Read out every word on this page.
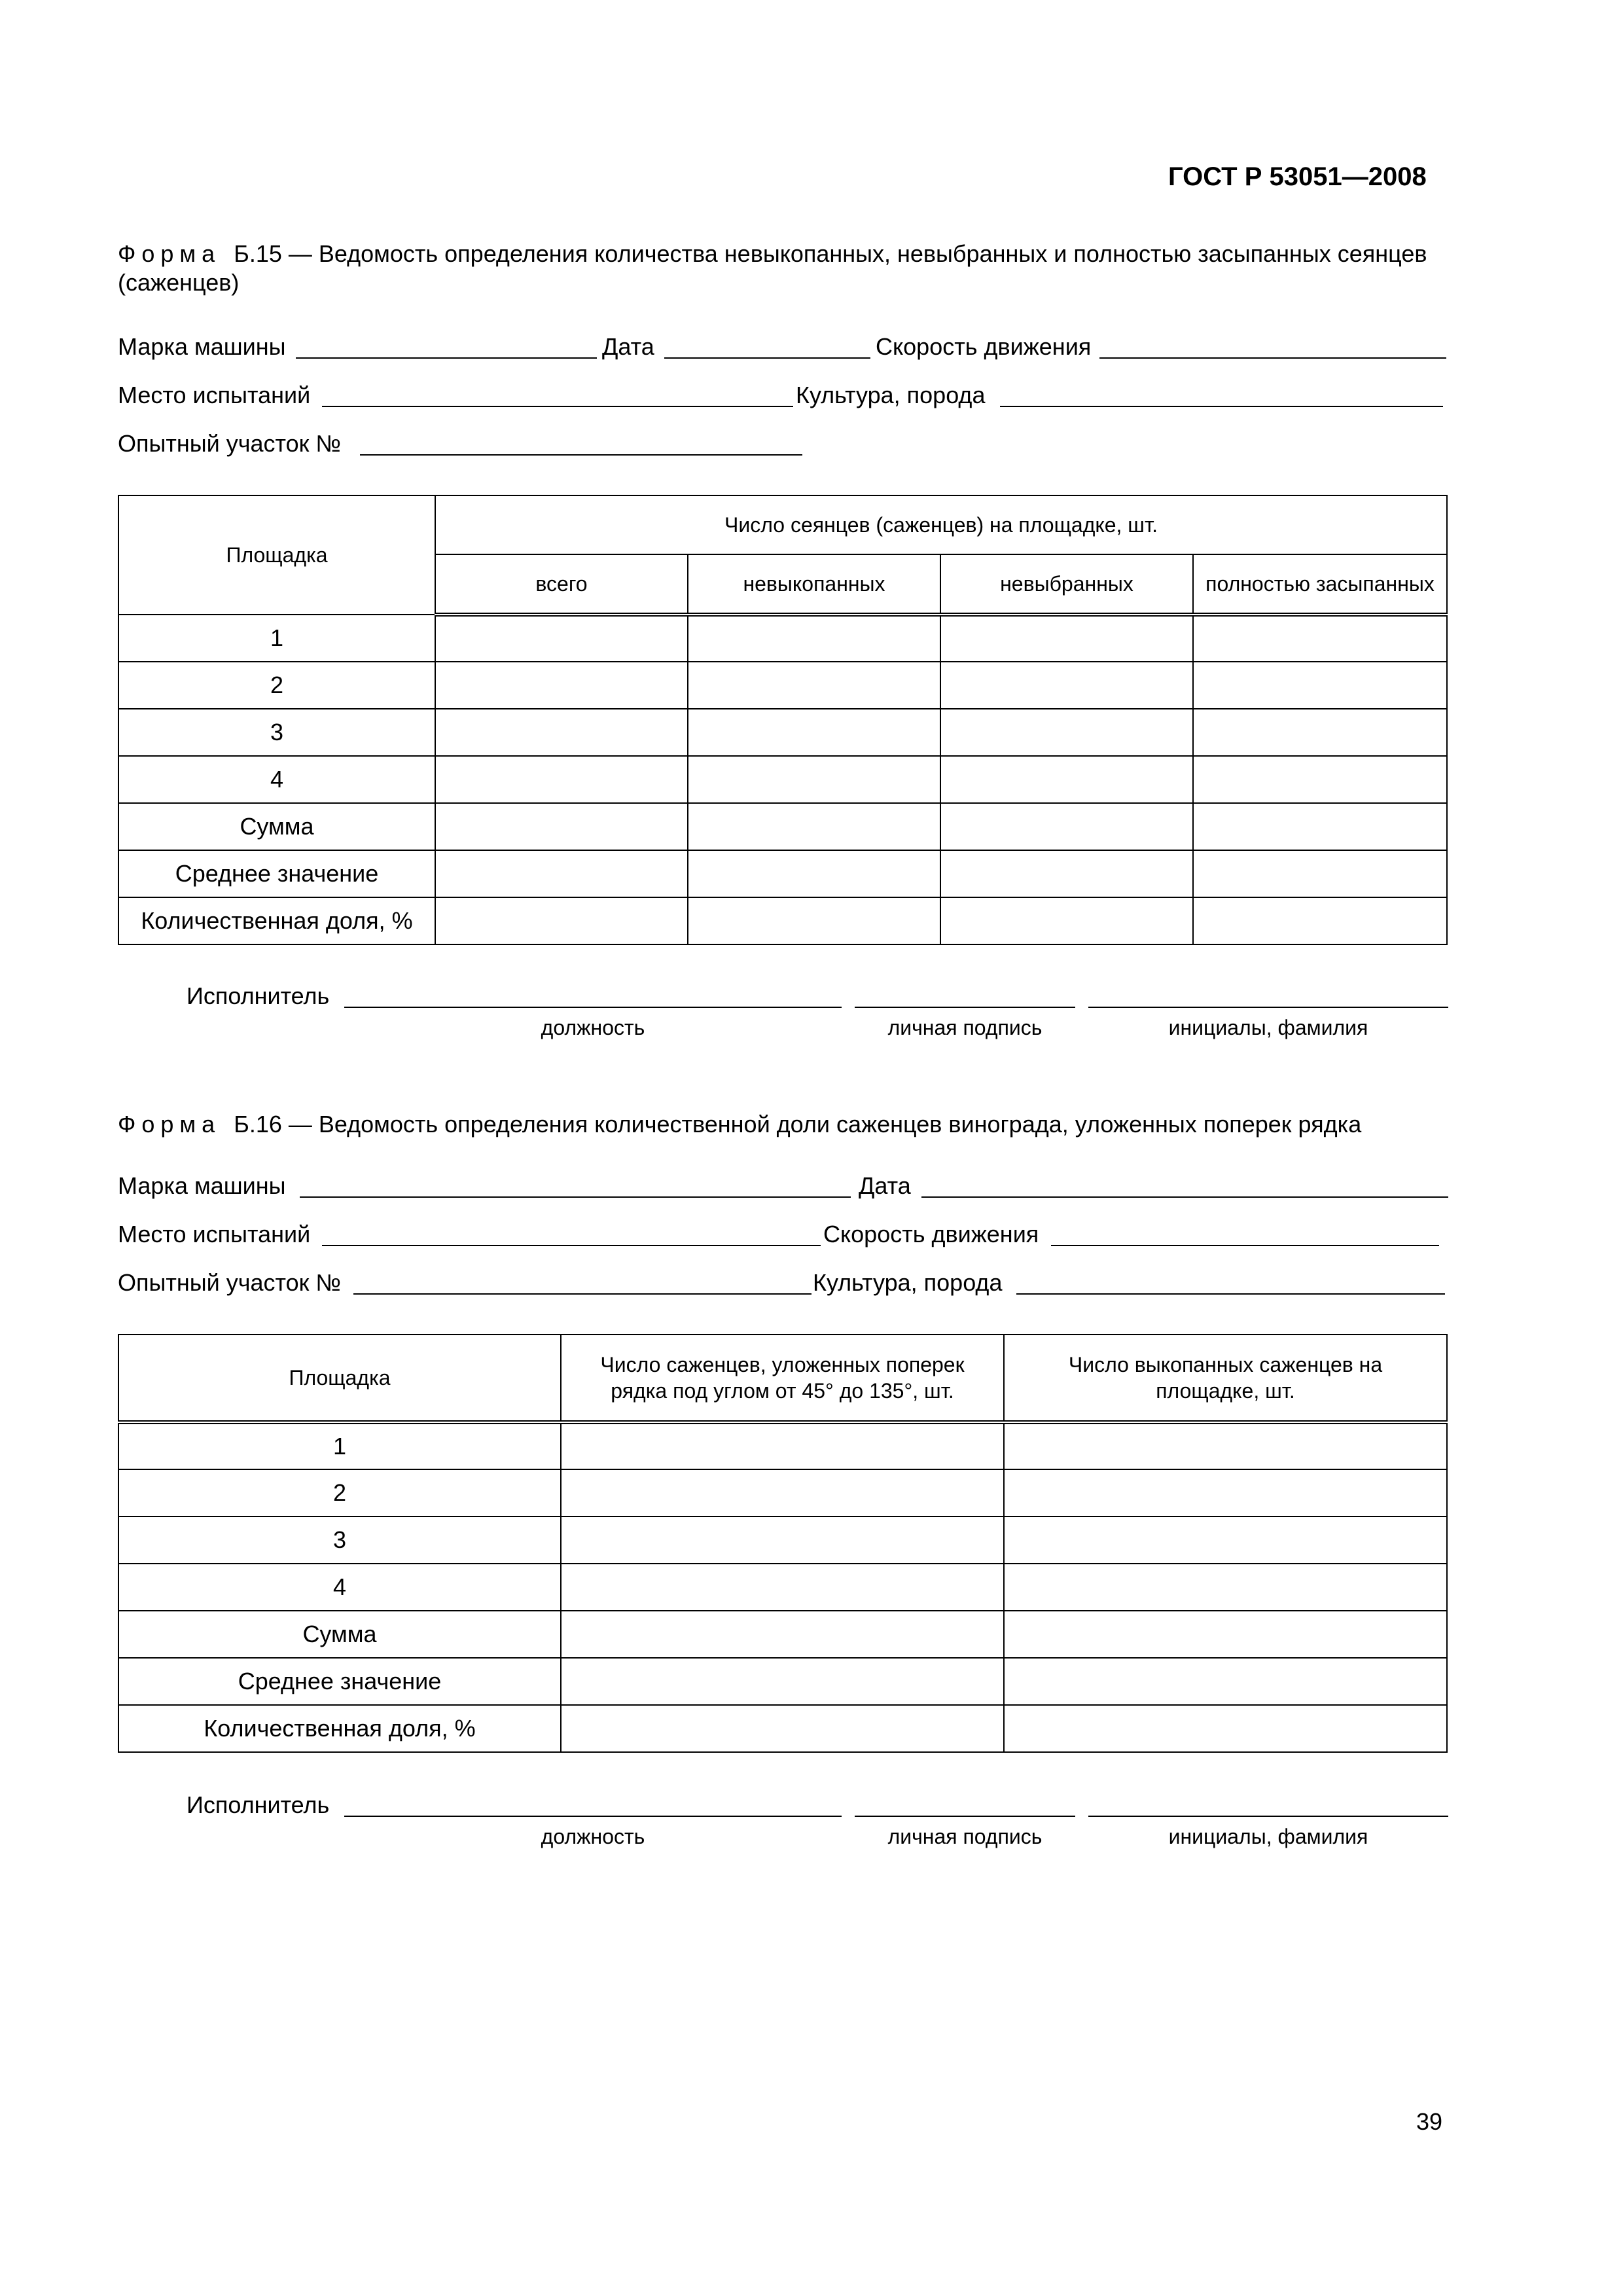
ГОСТ Р 53051—2008
Форма Б.15 — Ведомость определения количества невыкопанных, невыбранных и полностью засыпанных сеянцев (саженцев)
Марка машины	Дата	Скорость движения
Место испытаний	Культура, порода
Опытный участок №
Площадка	Число сеянцев (саженцев) на площадке, шт.			
	всего	невыкопанных	невыбранных	полностью засыпанных
1				
2				
3				
4				
Сумма				
Среднее значение				
Количественная доля, %				
Исполнитель
должность	личная подпись	инициалы, фамилия
Форма Б.16 — Ведомость определения количественной доли саженцев винограда, уложенных поперек рядка
Марка машины	Дата
Место испытаний	Скорость движения
Опытный участок №	Культура, порода
Площадка	Число саженцев, уложенных поперек рядка под углом от 45° до 135°, шт.	Число выкопанных саженцев на площадке, шт.
1		
2		
3		
4		
Сумма		
Среднее значение		
Количественная доля, %		
Исполнитель
должность	личная подпись	инициалы, фамилия
39
